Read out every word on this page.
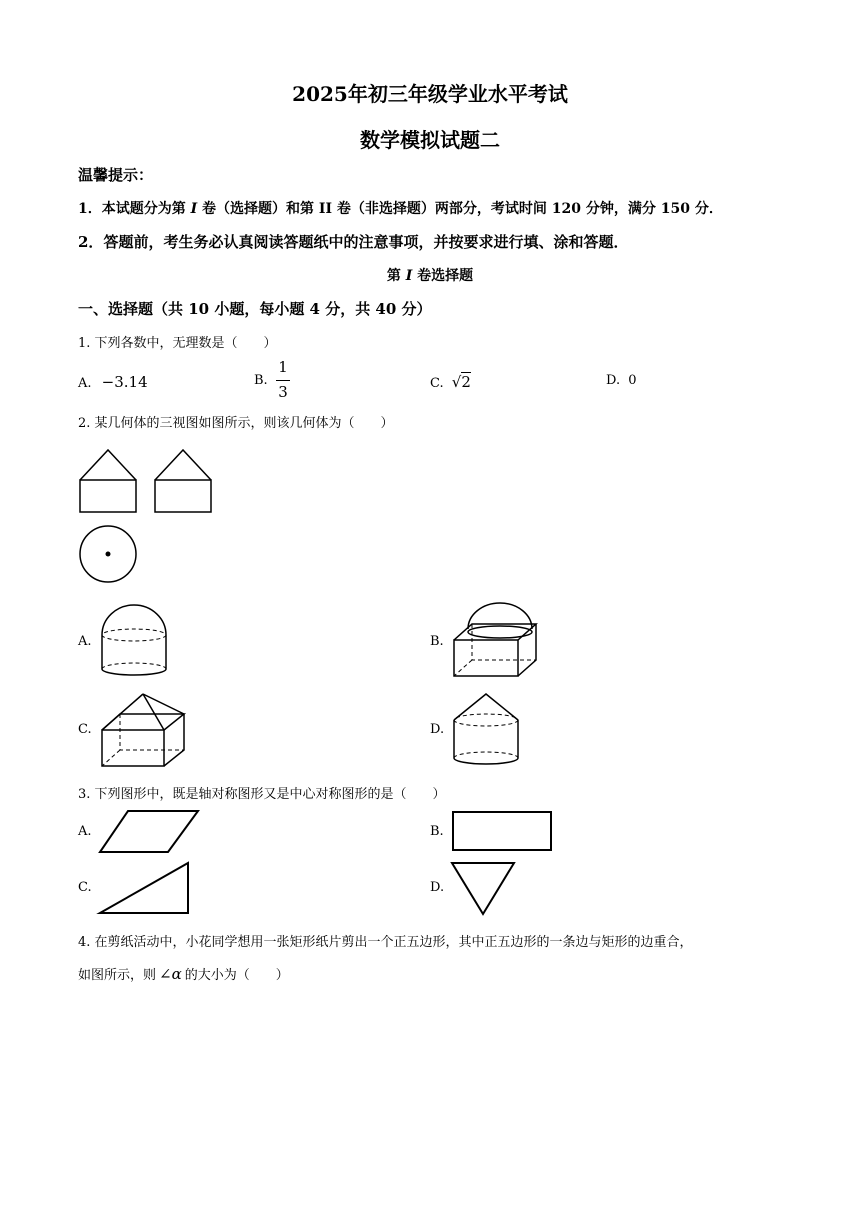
2025年初三年级学业水平考试
数学模拟试题二
温馨提示：
1．本试题分为第 I 卷（选择题）和第 II 卷（非选择题）两部分，考试时间 120 分钟，满分 150 分．
2．答题前，考生务必认真阅读答题纸中的注意事项，并按要求进行填、涂和答题．
第 I 卷选择题
一、选择题（共 10 小题，每小题 4 分，共 40 分）
1. 下列各数中，无理数是（　　）
A. −3.14	B.
1
3	C. √2	D. 0
2. 某几何体的三视图如图所示，则该几何体为（　　）
A.	B.
C.	D.
3. 下列图形中，既是轴对称图形又是中心对称图形的是（　　）
A.	B.
C.	D.
4. 在剪纸活动中，小花同学想用一张矩形纸片剪出一个正五边形，其中正五边形的一条边与矩形的边重合，
如图所示，则 ∠α 的大小为（　　）
